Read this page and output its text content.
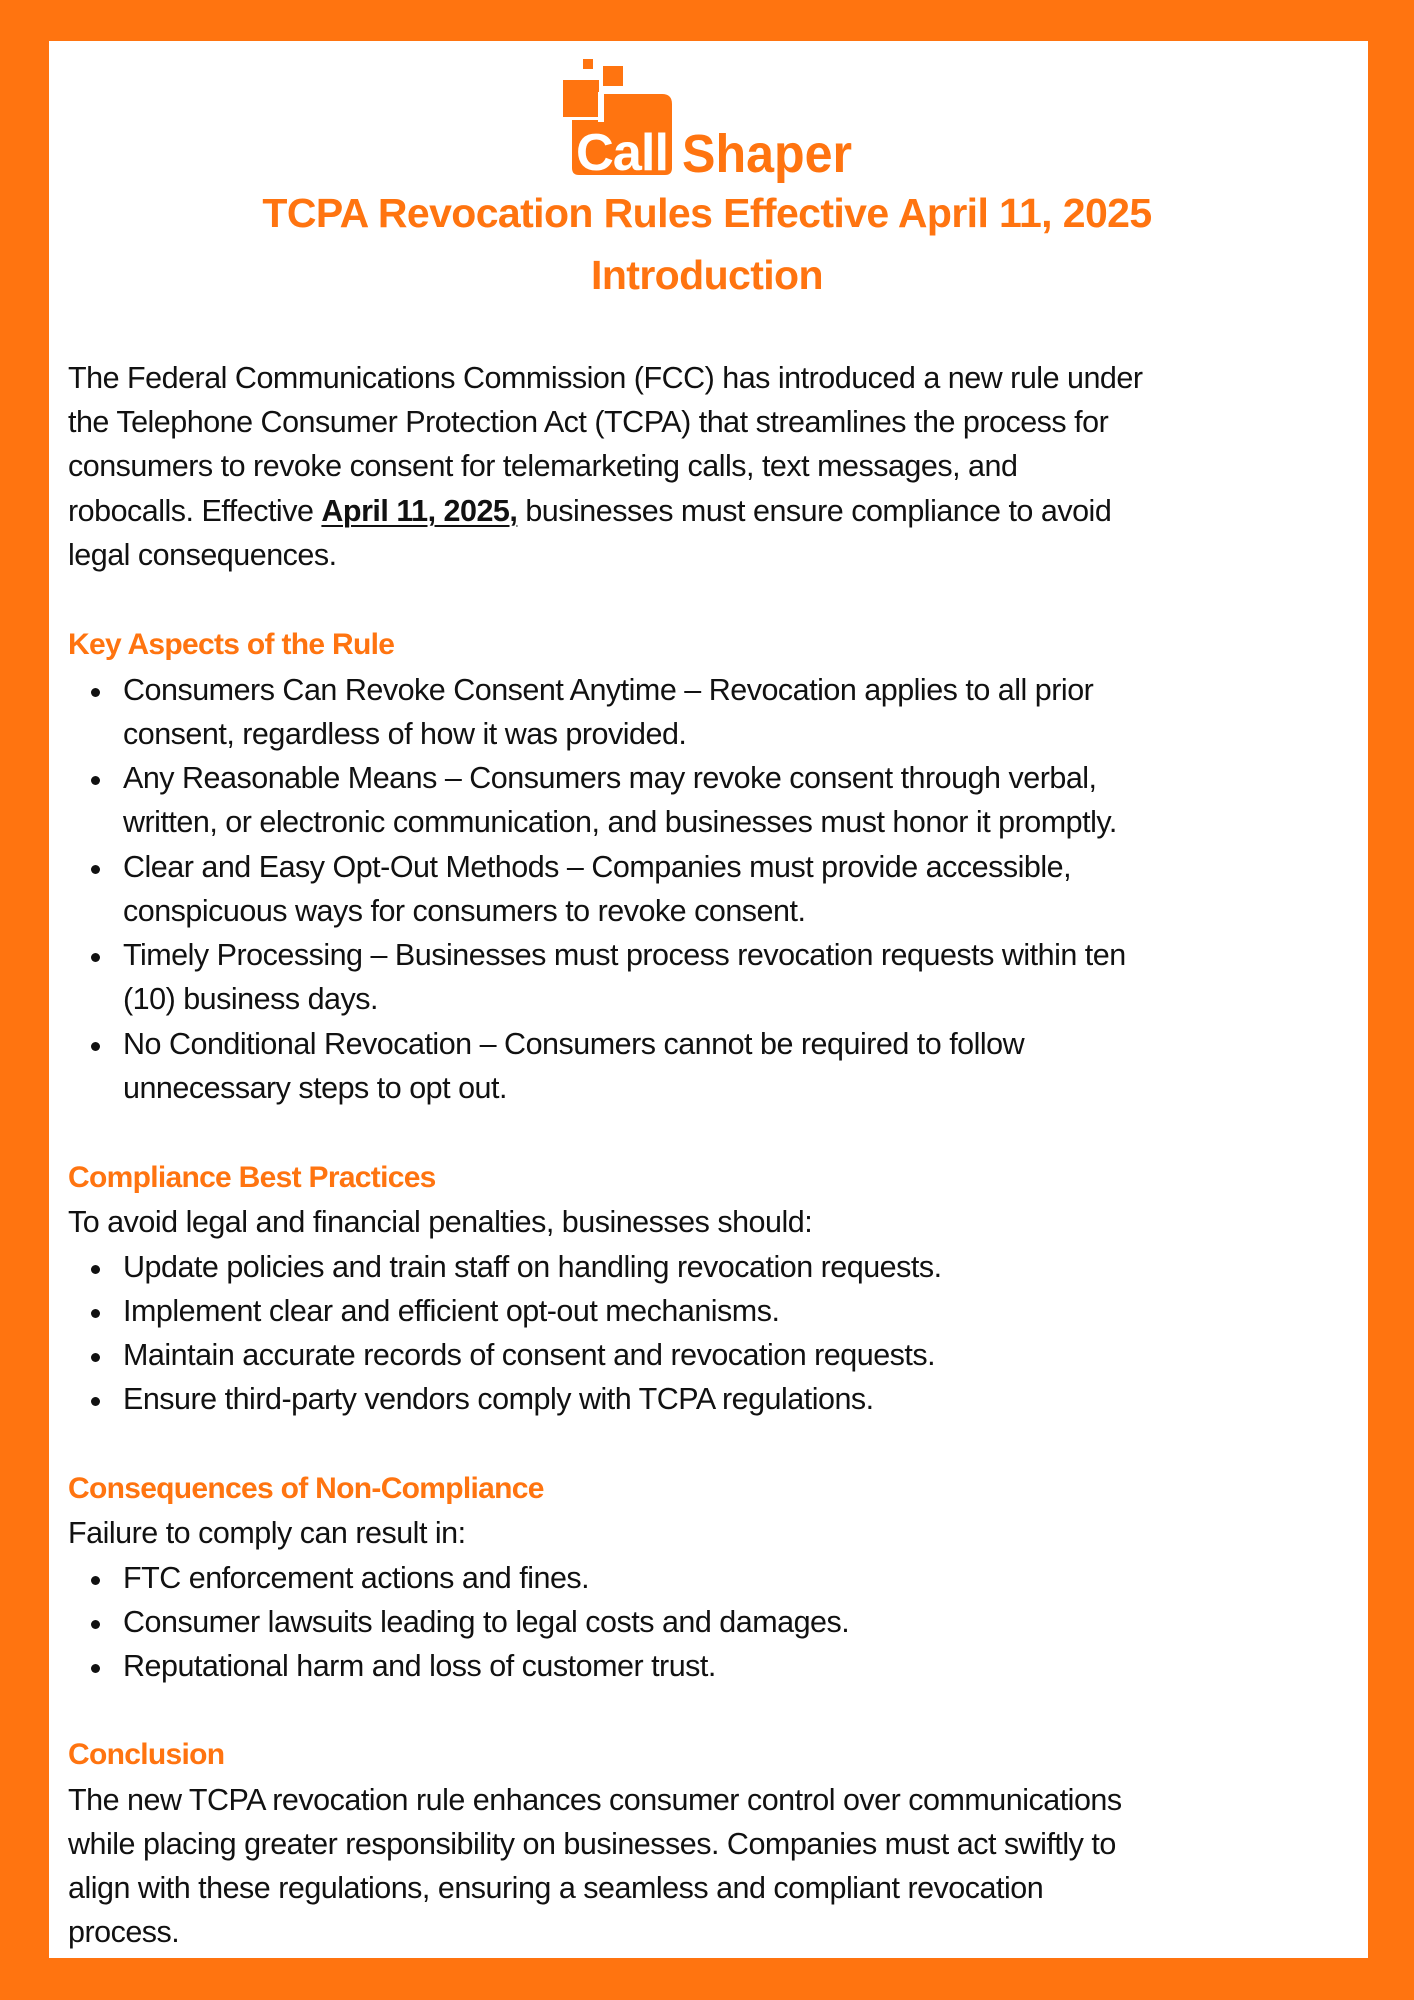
Call Shaper
TCPA Revocation Rules Effective April 11, 2025
Introduction
The Federal Communications Commission (FCC) has introduced a new rule under
the Telephone Consumer Protection Act (TCPA) that streamlines the process for
consumers to revoke consent for telemarketing calls, text messages, and
robocalls. Effective April 11, 2025, businesses must ensure compliance to avoid
legal consequences.
Key Aspects of the Rule
Consumers Can Revoke Consent Anytime – Revocation applies to all prior
consent, regardless of how it was provided.
Any Reasonable Means – Consumers may revoke consent through verbal,
written, or electronic communication, and businesses must honor it promptly.
Clear and Easy Opt-Out Methods – Companies must provide accessible,
conspicuous ways for consumers to revoke consent.
Timely Processing – Businesses must process revocation requests within ten
(10) business days.
No Conditional Revocation – Consumers cannot be required to follow
unnecessary steps to opt out.
Compliance Best Practices
To avoid legal and financial penalties, businesses should:
Update policies and train staff on handling revocation requests.
Implement clear and efficient opt-out mechanisms.
Maintain accurate records of consent and revocation requests.
Ensure third-party vendors comply with TCPA regulations.
Consequences of Non-Compliance
Failure to comply can result in:
FTC enforcement actions and fines.
Consumer lawsuits leading to legal costs and damages.
Reputational harm and loss of customer trust.
Conclusion
The new TCPA revocation rule enhances consumer control over communications
while placing greater responsibility on businesses. Companies must act swiftly to
align with these regulations, ensuring a seamless and compliant revocation
process.
